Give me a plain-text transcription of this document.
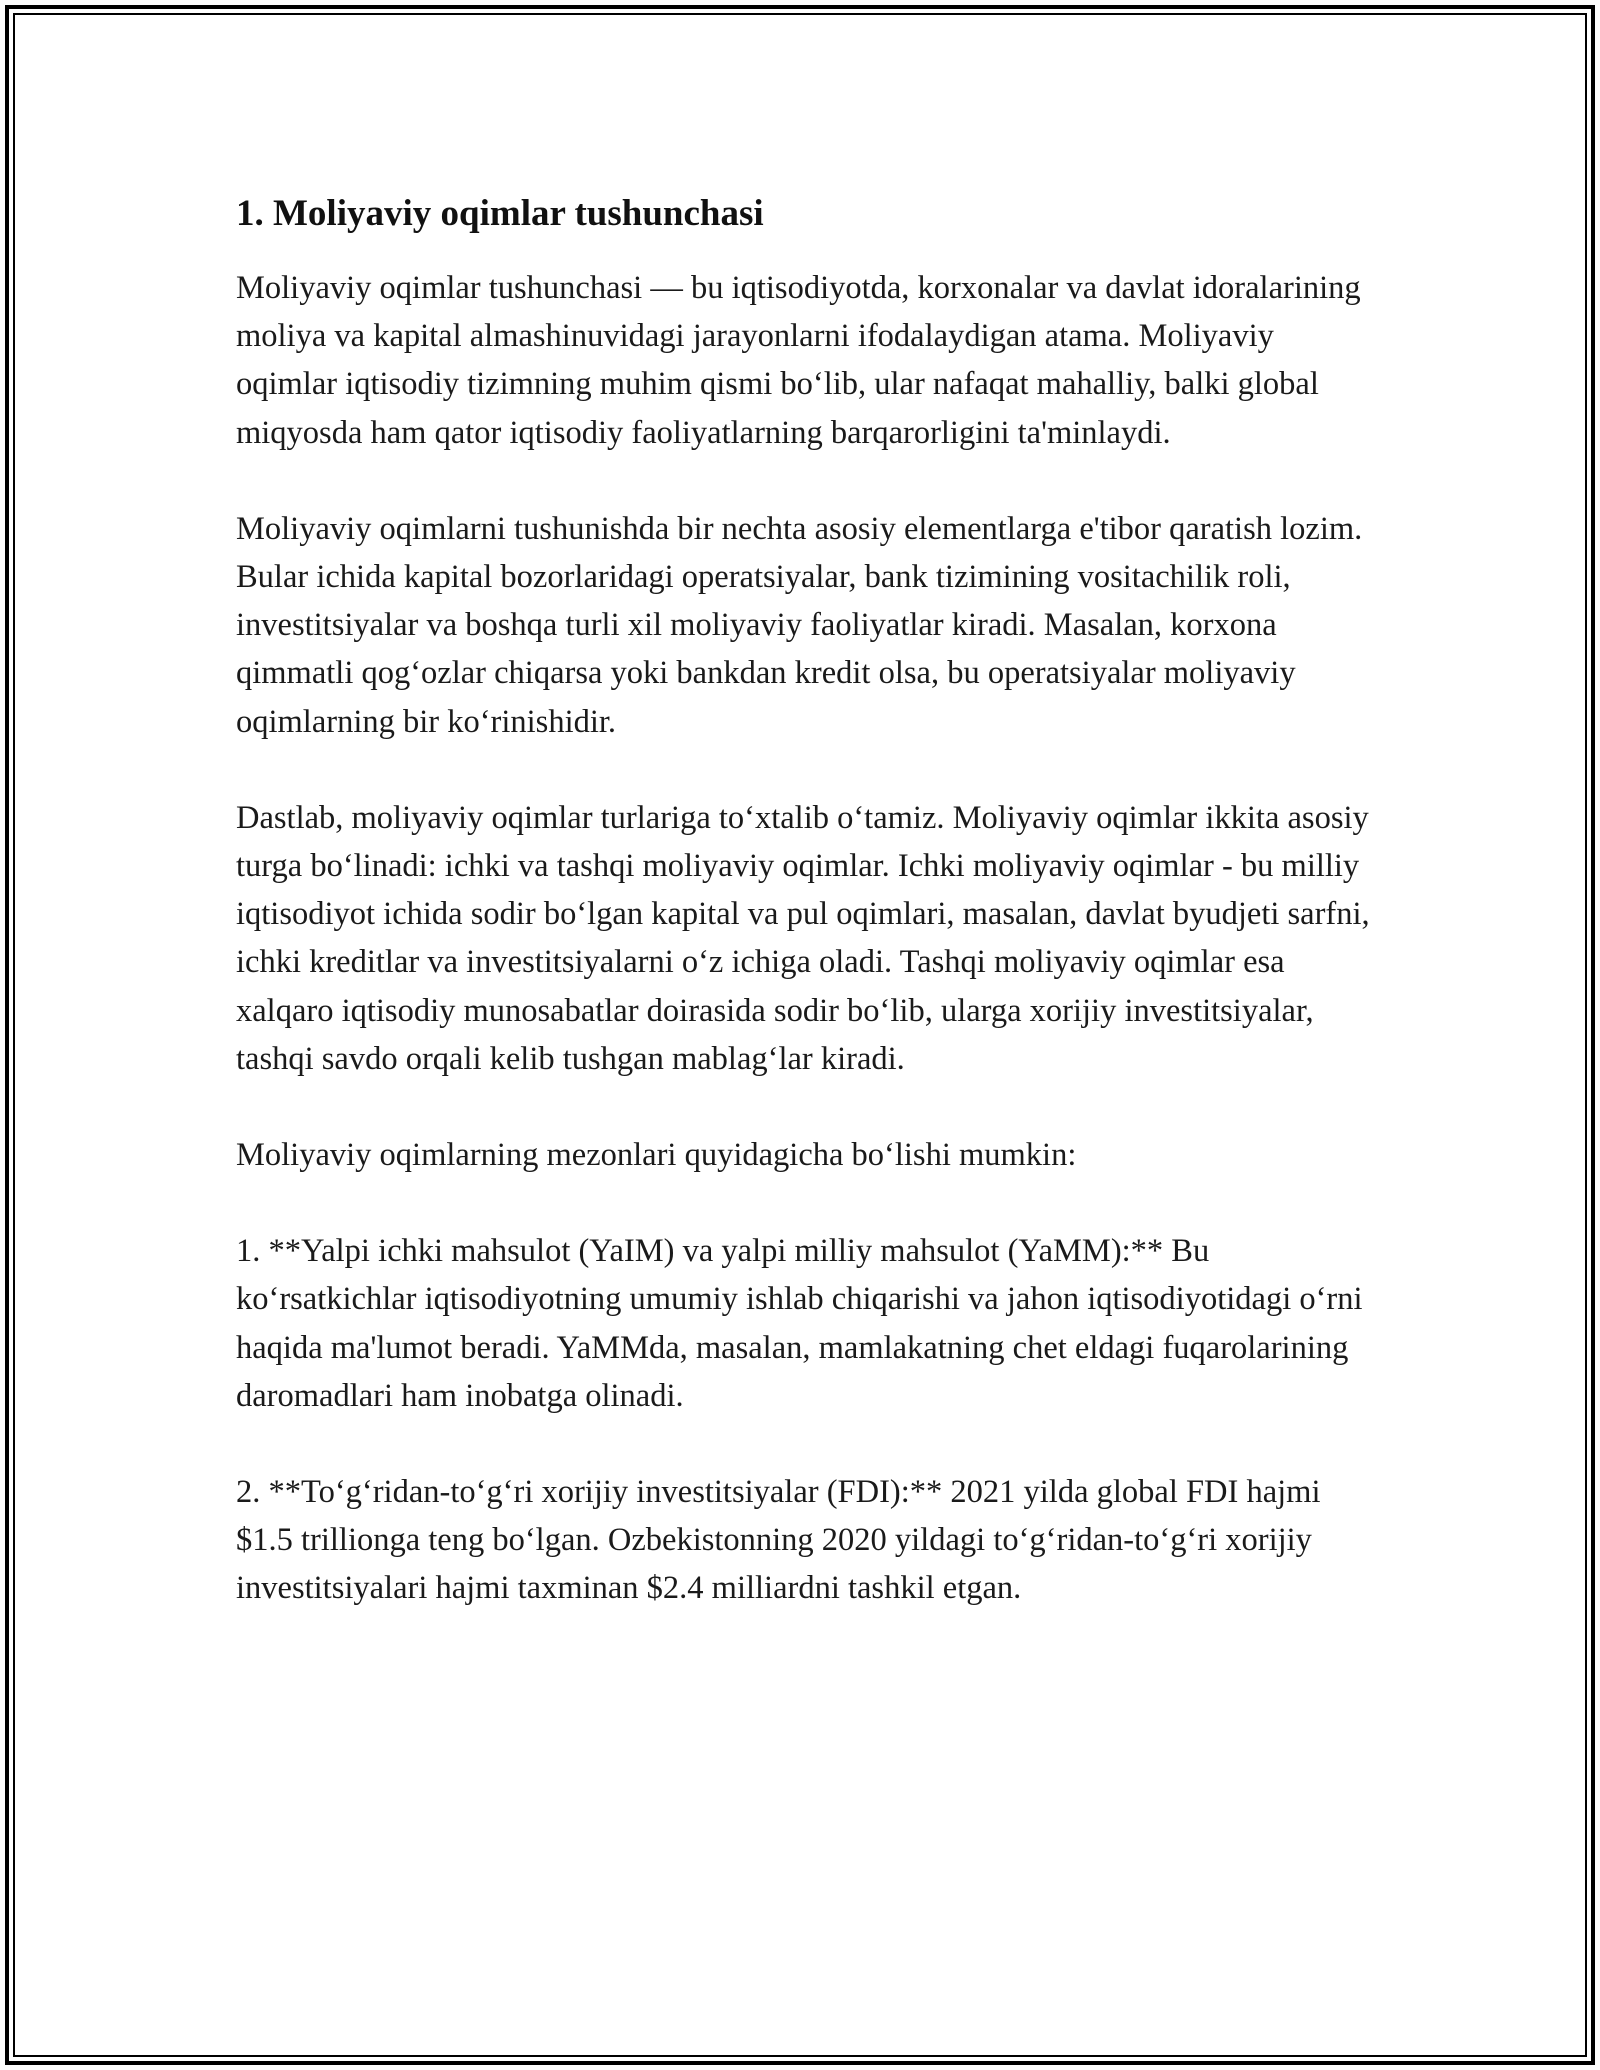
1. Moliyaviy oqimlar tushunchasi

Moliyaviy oqimlar tushunchasi — bu iqtisodiyotda, korxonalar va davlat idoralarining moliya va kapital almashinuvidagi jarayonlarni ifodalaydigan atama. Moliyaviy oqimlar iqtisodiy tizimning muhim qismi boʻlib, ular nafaqat mahalliy, balki global miqyosda ham qator iqtisodiy faoliyatlarning barqarorligini ta'minlaydi.

Moliyaviy oqimlarni tushunishda bir nechta asosiy elementlarga e'tibor qaratish lozim. Bular ichida kapital bozorlaridagi operatsiyalar, bank tizimining vositachilik roli, investitsiyalar va boshqa turli xil moliyaviy faoliyatlar kiradi. Masalan, korxona qimmatli qogʻozlar chiqarsa yoki bankdan kredit olsa, bu operatsiyalar moliyaviy oqimlarning bir koʻrinishidir.

Dastlab, moliyaviy oqimlar turlariga toʻxtalib oʻtamiz. Moliyaviy oqimlar ikkita asosiy turga boʻlinadi: ichki va tashqi moliyaviy oqimlar. Ichki moliyaviy oqimlar - bu milliy iqtisodiyot ichida sodir boʻlgan kapital va pul oqimlari, masalan, davlat byudjeti sarfni, ichki kreditlar va investitsiyalarni oʻz ichiga oladi. Tashqi moliyaviy oqimlar esa xalqaro iqtisodiy munosabatlar doirasida sodir boʻlib, ularga xorijiy investitsiyalar, tashqi savdo orqali kelib tushgan mablagʻlar kiradi.

Moliyaviy oqimlarning mezonlari quyidagicha boʻlishi mumkin:

1. **Yalpi ichki mahsulot (YaIM) va yalpi milliy mahsulot (YaMM):** Bu koʻrsatkichlar iqtisodiyotning umumiy ishlab chiqarishi va jahon iqtisodiyotidagi oʻrni haqida ma'lumot beradi. YaMMda, masalan, mamlakatning chet eldagi fuqarolarining daromadlari ham inobatga olinadi.

2. **Toʻgʻridan-toʻgʻri xorijiy investitsiyalar (FDI):** 2021 yilda global FDI hajmi $1.5 trillionga teng boʻlgan. Ozbekistonning 2020 yildagi toʻgʻridan-toʻgʻri xorijiy investitsiyalari hajmi taxminan $2.4 milliardni tashkil etgan.
